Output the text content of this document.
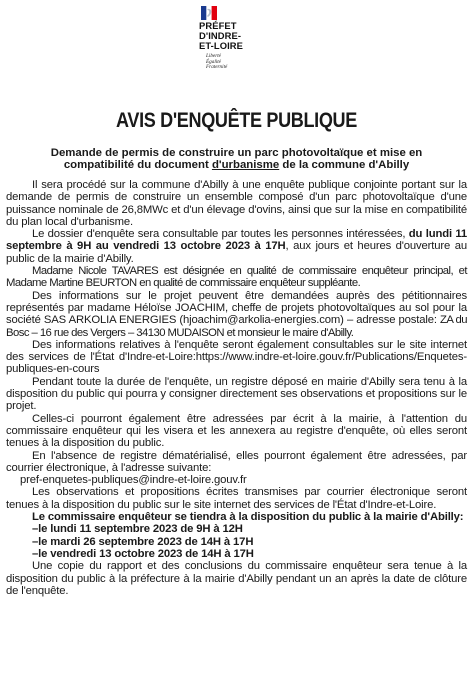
PRÉFET
D'INDRE-
ET-LOIRE
Liberté
Égalité
Fraternité
AVIS D'ENQUÊTE PUBLIQUE
Demande de permis de construire un parc photovoltaïque et mise en
compatibilité du document d'urbanisme de la commune d'Abilly

Il sera procédé sur la commune d'Abilly à une enquête publique conjointe portant sur la demande de permis de construire un ensemble composé d'un parc photovoltaïque d'une puissance nominale de 26,8MWc et d'un élevage d'ovins, ainsi que sur la mise en compatibilité du plan local d'urbanisme.

Le dossier d'enquête sera consultable par toutes les personnes intéressées, du lundi 11 septembre à 9H au vendredi 13 octobre 2023 à 17H, aux jours et heures d'ouverture au public de la mairie d'Abilly.

Madame Nicole TAVARES est désignée en qualité de commissaire enquêteur principal, et Madame Martine BEURTON en qualité de commissaire enquêteur suppléante.

Des informations sur le projet peuvent être demandées auprès des pétitionnaires représentés par madame Héloïse JOACHIM, cheffe de projets photovoltaïques au sol pour la société SAS ARKOLIA ENERGIES (hjoachim@arkolia-energies.com) – adresse postale: ZA du Bosc – 16 rue des Vergers – 34130 MUDAISON et monsieur le maire d'Abilly.

Des informations relatives à l'enquête seront également consultables sur le site internet des services de l'État d'Indre-et-Loire:https://www.indre-et-loire.gouv.fr/Publications/Enquetes-publiques-en-cours

Pendant toute la durée de l'enquête, un registre déposé en mairie d'Abilly sera tenu à la disposition du public qui pourra y consigner directement ses observations et propositions sur le projet.

Celles-ci pourront également être adressées par écrit à la mairie, à l'attention du commissaire enquêteur qui les visera et les annexera au registre d'enquête, où elles seront tenues à la disposition du public.

En l'absence de registre dématérialisé, elles pourront également être adressées, par courrier électronique, à l'adresse suivante:

pref-enquetes-publiques@indre-et-loire.gouv.fr

Les observations et propositions écrites transmises par courrier électronique seront tenues à la disposition du public sur le site internet des services de l'État d'Indre-et-Loire.

Le commissaire enquêteur se tiendra à la disposition du public à la mairie d'Abilly:

–le lundi 11 septembre 2023 de 9H à 12H

–le mardi 26 septembre 2023 de 14H à 17H

–le vendredi 13 octobre 2023 de 14H à 17H

Une copie du rapport et des conclusions du commissaire enquêteur sera tenue à la disposition du public à la préfecture à la mairie d'Abilly pendant un an après la date de clôture de l'enquête.
